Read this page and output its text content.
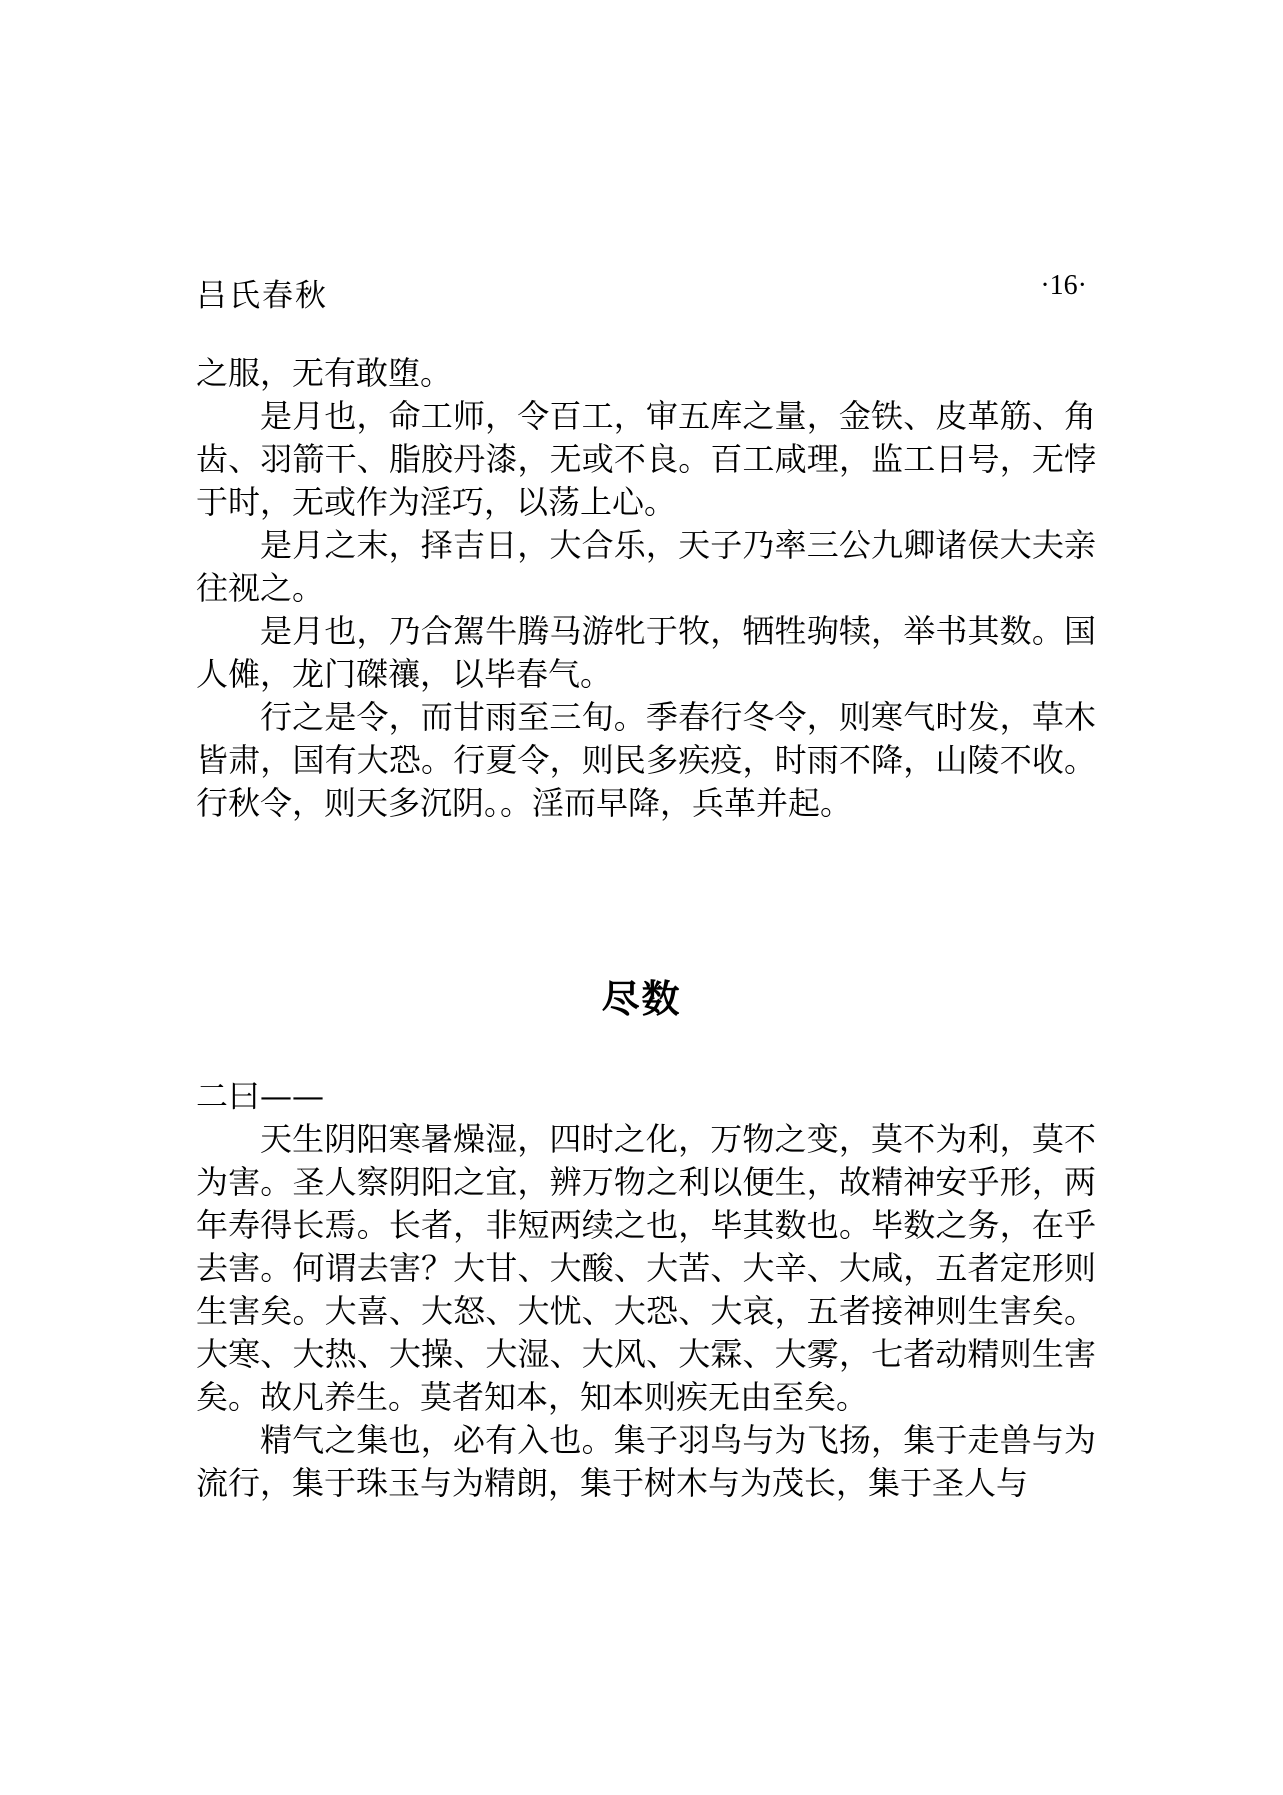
吕氏春秋	·16·

之服，无有敢堕。

是月也，命工师，令百工，审五库之量，金铁、皮革筋、角齿、羽箭干、脂胶丹漆，无或不良。百工咸理，监工日号，无悖于时，无或作为淫巧，以荡上心。

是月之末，择吉日，大合乐，天子乃率三公九卿诸侯大夫亲往视之。

是月也，乃合駕牛腾马游牝于牧，牺牲驹犊，举书其数。国人傩，龙门磔禳，以毕春气。

行之是令，而甘雨至三旬。季春行冬令，则寒气时发，草木皆肃，国有大恐。行夏令，则民多疾疫，时雨不降，山陵不收。行秋令，则天多沉阴。。淫而早降，兵革并起。

尽数

二曰——

天生阴阳寒暑燥湿，四时之化，万物之变，莫不为利，莫不为害。圣人察阴阳之宜，辨万物之利以便生，故精神安乎形，两年寿得长焉。长者，非短两续之也，毕其数也。毕数之务，在乎去害。何谓去害？大甘、大酸、大苦、大辛、大咸，五者定形则生害矣。大喜、大怒、大忧、大恐、大哀，五者接神则生害矣。大寒、大热、大操、大湿、大风、大霖、大雾，七者动精则生害矣。故凡养生。莫者知本，知本则疾无由至矣。

精气之集也，必有入也。集子羽鸟与为飞扬，集于走兽与为流行，集于珠玉与为精朗，集于树木与为茂长，集于圣人与
